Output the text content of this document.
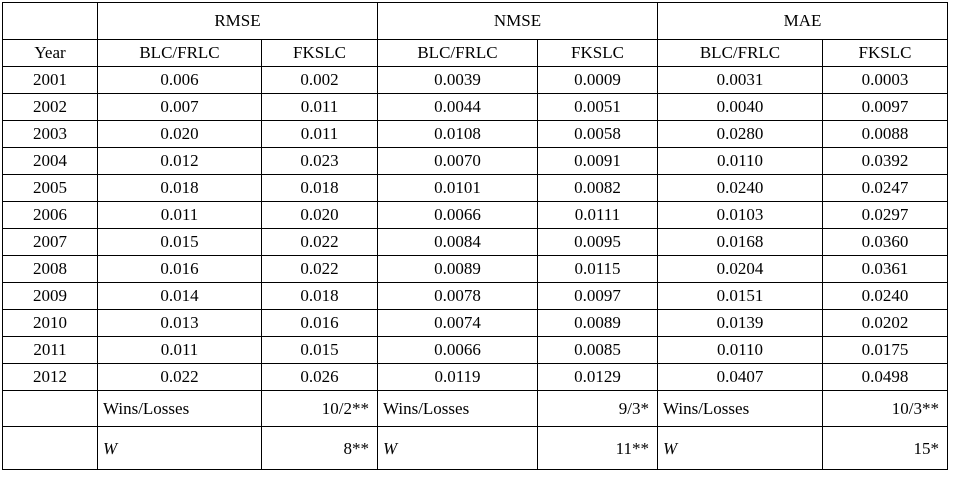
	RMSE		NMSE		MAE	
Year	BLC/FRLC	FKSLC	BLC/FRLC	FKSLC	BLC/FRLC	FKSLC
2001	0.006	0.002	0.0039	0.0009	0.0031	0.0003
2002	0.007	0.011	0.0044	0.0051	0.0040	0.0097
2003	0.020	0.011	0.0108	0.0058	0.0280	0.0088
2004	0.012	0.023	0.0070	0.0091	0.0110	0.0392
2005	0.018	0.018	0.0101	0.0082	0.0240	0.0247
2006	0.011	0.020	0.0066	0.0111	0.0103	0.0297
2007	0.015	0.022	0.0084	0.0095	0.0168	0.0360
2008	0.016	0.022	0.0089	0.0115	0.0204	0.0361
2009	0.014	0.018	0.0078	0.0097	0.0151	0.0240
2010	0.013	0.016	0.0074	0.0089	0.0139	0.0202
2011	0.011	0.015	0.0066	0.0085	0.0110	0.0175
2012	0.022	0.026	0.0119	0.0129	0.0407	0.0498
	Wins/Losses	10/2**	Wins/Losses	9/3*	Wins/Losses	10/3**
	W	8**	W	11**	W	15*
